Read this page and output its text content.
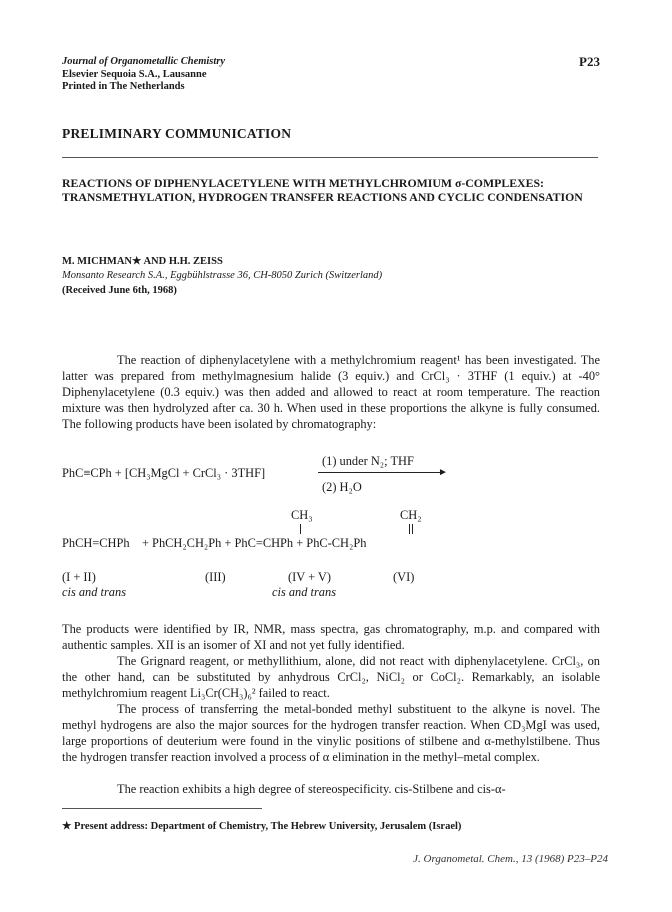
Journal of Organometallic Chemistry
Elsevier Sequoia S.A., Lausanne
Printed in The Netherlands
P23
PRELIMINARY COMMUNICATION
REACTIONS OF DIPHENYLACETYLENE WITH METHYLCHROMIUM σ-COMPLEXES: TRANSMETHYLATION, HYDROGEN TRANSFER REACTIONS AND CYCLIC CONDENSATION
M. MICHMAN★ AND H.H. ZEISS
Monsanto Research S.A., Eggbühlstrasse 36, CH-8050 Zurich (Switzerland)
(Received June 6th, 1968)
The reaction of diphenylacetylene with a methylchromium reagent¹ has been investigated. The latter was prepared from methylmagnesium halide (3 equiv.) and CrCl₃ · 3THF (1 equiv.) at -40° Diphenylacetylene (0.3 equiv.) was then added and allowed to react at room temperature. The reaction mixture was then hydrolyzed after ca. 30 h. When used in these proportions the alkyne is fully consumed. The following products have been isolated by chromatography:
PhC≡CPh + [CH₃MgCl + CrCl₃ · 3THF]
(1) under N₂; THF
►
(2) H₂O
CH₃	CH₂
PhCH=CHPh    + PhCH₂CH₂Ph + PhC=CHPh + PhC-CH₂Ph
(I + II)	(III)	(IV + V)	(VI)
cis and trans	cis and trans
The products were identified by IR, NMR, mass spectra, gas chromatography, m.p. and compared with authentic samples. XII is an isomer of XI and not yet fully identified.
The Grignard reagent, or methyllithium, alone, did not react with diphenylacetylene. CrCl₃, on the other hand, can be substituted by anhydrous CrCl₂, NiCl₂ or CoCl₂. Remarkably, an isolable methylchromium reagent Li₃Cr(CH₃)₆² failed to react.
The process of transferring the metal-bonded methyl substituent to the alkyne is novel. The methyl hydrogens are also the major sources for the hydrogen transfer reaction. When CD₃MgI was used, large proportions of deuterium were found in the vinylic positions of stilbene and α-methylstilbene. Thus the hydrogen transfer reaction involved a process of α elimination in the methyl–metal complex.
The reaction exhibits a high degree of stereospecificity. cis-Stilbene and cis-α-
★ Present address: Department of Chemistry, The Hebrew University, Jerusalem (Israel)
J. Organometal. Chem., 13 (1968) P23–P24
